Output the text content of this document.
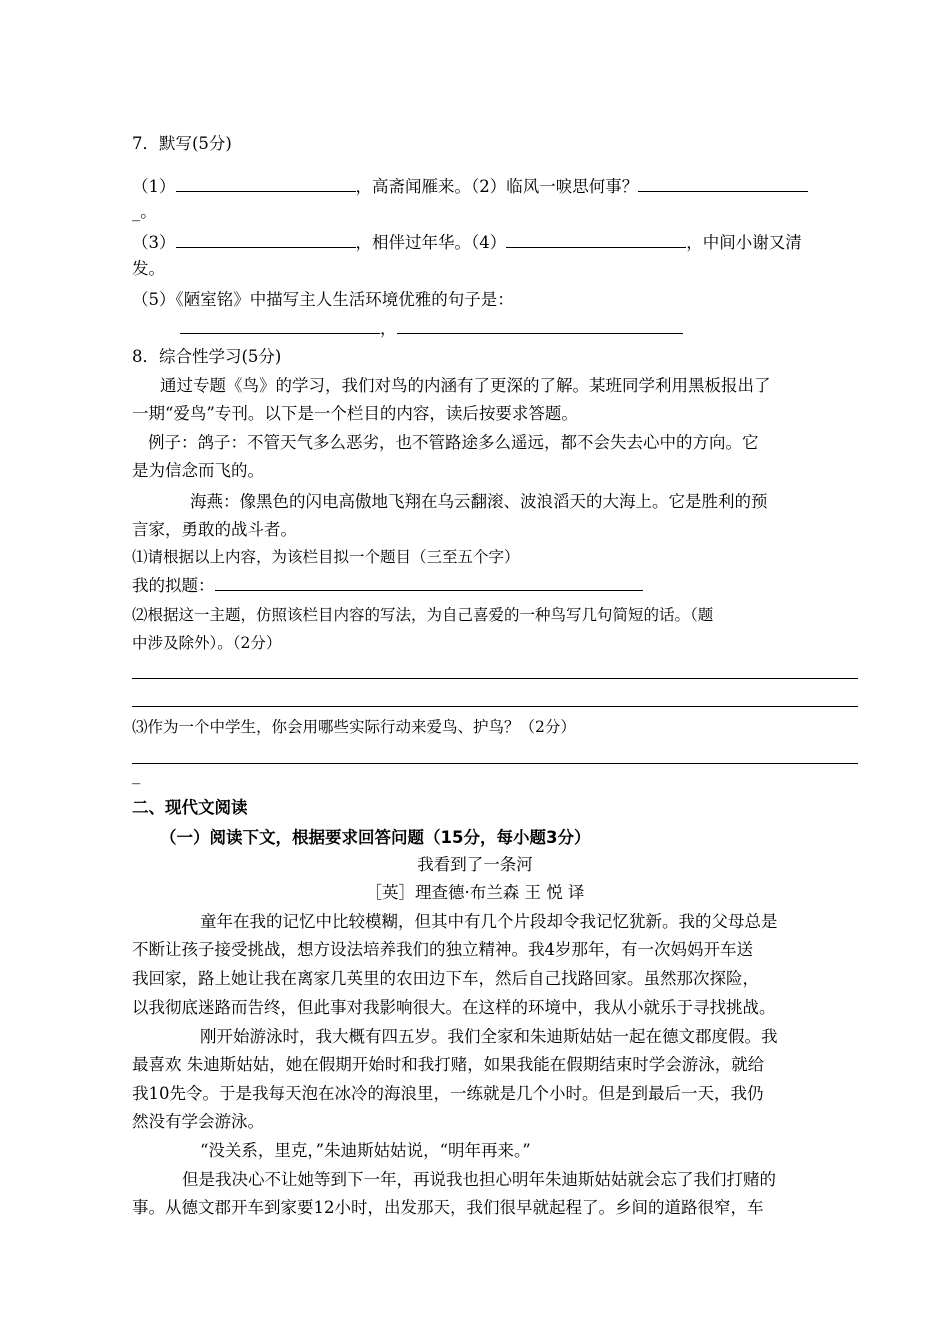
7．默写(5分)
（1）	，高斋闻雁来。（2）临风一唳思何事？
_。
（3）	，相伴过年华。（4）	，中间小谢又清
发。
（5）《陋室铭》中描写主人生活环境优雅的句子是：
，
8．综合性学习(5分)
通过专题《鸟》的学习，我们对鸟的内涵有了更深的了解。某班同学利用黑板报出了
一期“爱鸟”专刊。以下是一个栏目的内容，读后按要求答题。
例子：鸽子：不管天气多么恶劣，也不管路途多么遥远，都不会失去心中的方向。它
是为信念而飞的。
海燕：像黑色的闪电高傲地飞翔在乌云翻滚、波浪滔天的大海上。它是胜利的预
言家，勇敢的战斗者。
⑴请根据以上内容，为该栏目拟一个题目（三至五个字）
我的拟题：
⑵根据这一主题，仿照该栏目内容的写法，为自己喜爱的一种鸟写几句简短的话。（题
中涉及除外）。（2分）
⑶作为一个中学生，你会用哪些实际行动来爱鸟、护鸟？（2分）
_
二、现代文阅读
（一）阅读下文，根据要求回答问题（15分，每小题3分）
我看到了一条河
［英］理查德·布兰森 王 悦 译
童年在我的记忆中比较模糊，但其中有几个片段却令我记忆犹新。我的父母总是
不断让孩子接受挑战，想方设法培养我们的独立精神。我4岁那年，有一次妈妈开车送
我回家，路上她让我在离家几英里的农田边下车，然后自己找路回家。虽然那次探险，
以我彻底迷路而告终，但此事对我影响很大。在这样的环境中，我从小就乐于寻找挑战。
刚开始游泳时，我大概有四五岁。我们全家和朱迪斯姑姑一起在德文郡度假。我
最喜欢 朱迪斯姑姑，她在假期开始时和我打赌，如果我能在假期结束时学会游泳，就给
我10先令。于是我每天泡在冰冷的海浪里，一练就是几个小时。但是到最后一天，我仍
然没有学会游泳。
“没关系，里克，”朱迪斯姑姑说，“明年再来。”
但是我决心不让她等到下一年，再说我也担心明年朱迪斯姑姑就会忘了我们打赌的
事。从德文郡开车到家要12小时，出发那天，我们很早就起程了。乡间的道路很窄，车
